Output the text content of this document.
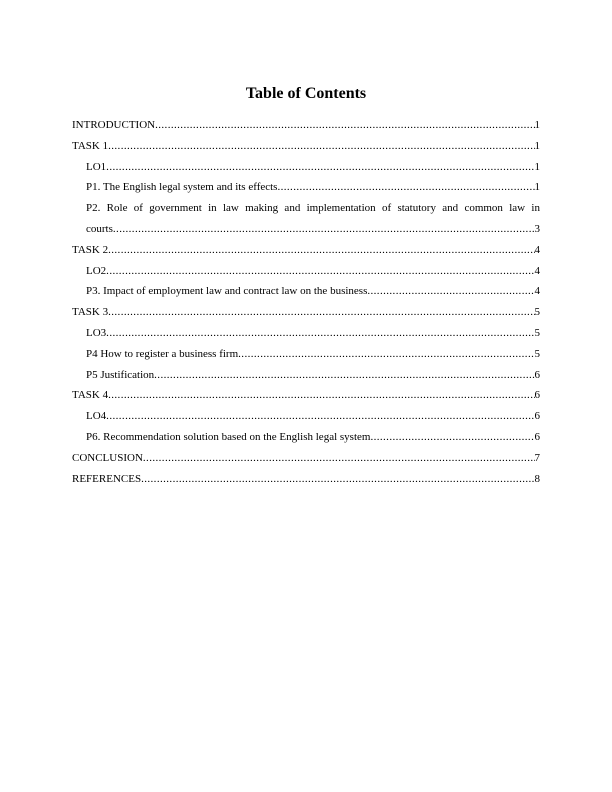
Table of Contents
INTRODUCTION .....	1
TASK 1 .....	1
LO1 .....	1
P1. The English legal system and its effects .....	1
P2. Role of government in law making and implementation of statutory and common law in
courts .....	3
TASK 2 .....	4
LO2 .....	4
P3. Impact of employment law and contract law on the business .....	4
TASK 3 .....	5
LO3 .....	5
P4 How to register a business firm .....	5
P5 Justification .....	6
TASK 4 .....	6
LO4 .....	6
P6. Recommendation solution based on the English legal system .....	6
CONCLUSION .....	7
REFERENCES .....	8
